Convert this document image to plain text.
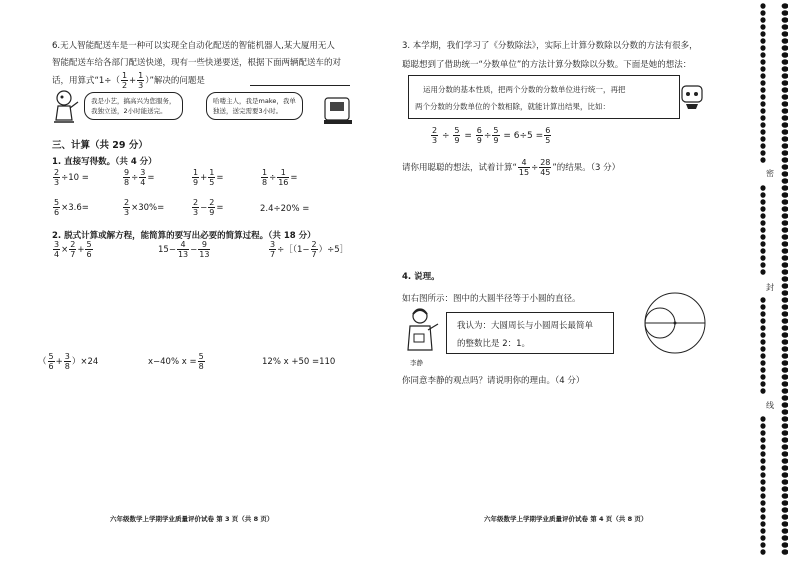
6.无人智能配送车是一种可以实现全自动化配送的智能机器人,某大厦用无人
智能配送车给各部门配送快递，现有一些快递要送，根据下面两辆配送车的对
话，用算式“$1\div( \frac{1}{2} + \frac{1}{3}$ ）”解决的问题是
我是小艺，搞高兴为您服务，
我独立送，2小时能送完。
哈喽主人，我是make，我单
独送，送完需要3小时。
三、计算（共 29 分）
1. 直接写得数。（共 4 分）
$\frac{2}{3} \div 10$ =	$\frac{9}{8} \div \frac{3}{4}$ =	$\frac{1}{9} + \frac{1}{5}$ =	$\frac{1}{8} \div \frac{1}{16}$ =
$\frac{5}{6} \times 3.6=$	$\frac{2}{3} \times 30\%=$	$\frac{2}{3} - \frac{2}{9}$ =	2.4÷20% =
2. 脱式计算或解方程，能简算的要写出必要的简算过程。（共 18 分）
$\frac{3}{4} \times \frac{2}{7} + \frac{5}{6}$	$15- \frac{4}{13} - \frac{9}{13}$	$\frac{3}{7}$ ÷［（1− $\frac{2}{7}$ ）÷5］
（ $\frac{5}{6} + \frac{3}{8} )\times 24$	x−40% $x = \frac{5}{8}$	12% x +50 =110
六年级数学上学期学业质量评价试卷 第 3 页（共 8 页）
3. 本学期，我们学习了《分数除法》，实际上计算分数除以分数的方法有很多，
聪聪想到了借助统一“分数单位”的方法计算分数除以分数。下面是她的想法：
运用分数的基本性质，把两个分数的分数单位进行统一，再把
两个分数的分数单位的个数相除，就能计算出结果，比如：
$\frac{2}{3} \div \frac{5}{9} = \frac{6}{9} \div \frac{5}{9} = 6\div 5 = \frac{6}{5}$
请你用聪聪的想法，试着计算“ $\frac{4}{15} \div \frac{28}{45}$ ”的结果。（3 分）
4. 说理。
如右图所示：图中的大圆半径等于小圆的直径。
李静
我认为：大圆周长与小圆周长最简单
的整数比是 2：1。
你同意李静的观点吗？请说明你的理由。（4 分）
六年级数学上学期学业质量评价试卷 第 4 页（共 8 页）
密
封
线
